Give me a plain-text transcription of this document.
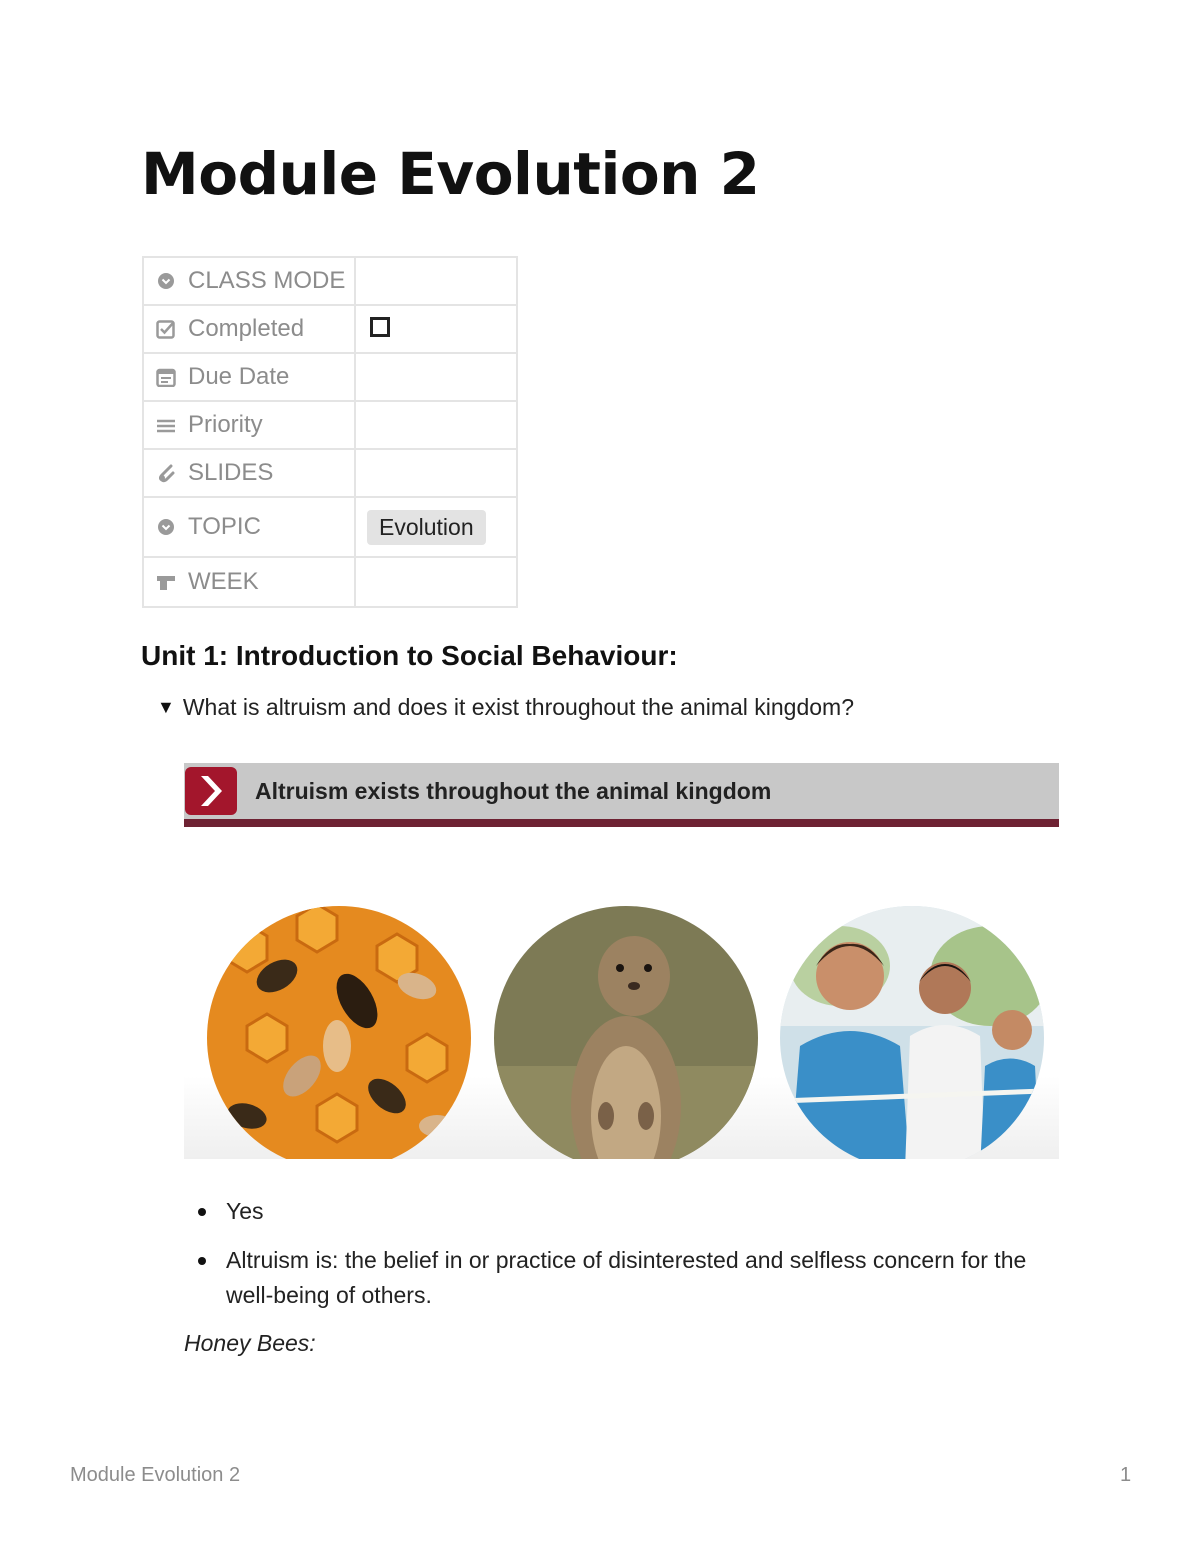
Module Evolution 2
CLASS MODE	

Completed	

Due Date	

Priority	

SLIDES	

TOPIC	Evolution

WEEK	

Unit 1: Introduction to Social Behaviour:
▼ What is altruism and does it exist throughout the animal kingdom?
Altruism exists throughout the animal kingdom
Yes
Altruism is: the belief in or practice of disinterested and selfless concern for the well-being of others.
Honey Bees:
Module Evolution 2	1
